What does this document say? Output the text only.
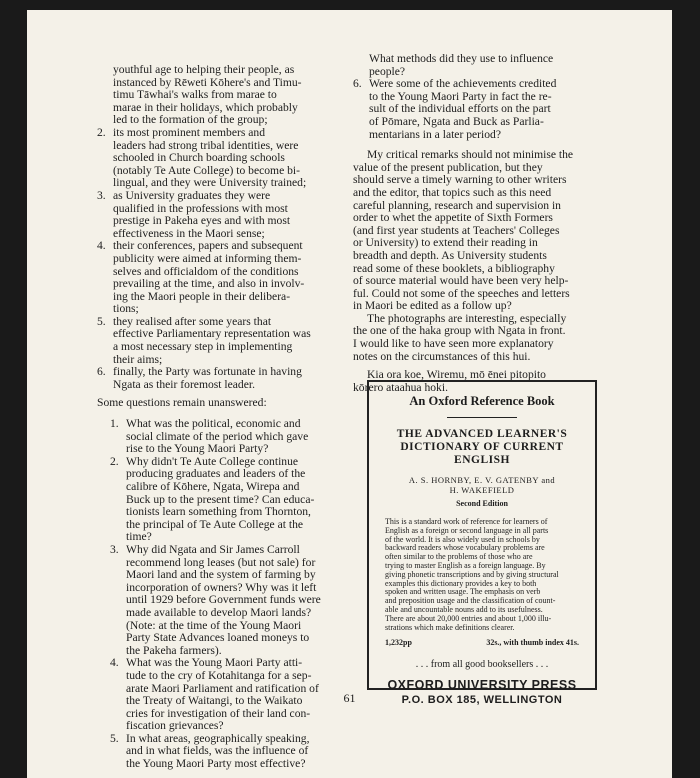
youthful age to helping their people, as
instanced by Rēweti Kōhere's and Timu-
timu Tāwhai's walks from marae to
marae in their holidays, which probably
led to the formation of the group;
2. its most prominent members and
leaders had strong tribal identities, were
schooled in Church boarding schools
(notably Te Aute College) to become bi-
lingual, and they were University trained;
3. as University graduates they were
qualified in the professions with most
prestige in Pakeha eyes and with most
effectiveness in the Maori sense;
4. their conferences, papers and subsequent
publicity were aimed at informing them-
selves and officialdom of the conditions
prevailing at the time, and also in involv-
ing the Maori people in their delibera-
tions;
5. they realised after some years that
effective Parliamentary representation was
a most necessary step in implementing
their aims;
6. finally, the Party was fortunate in having
Ngata as their foremost leader.

Some questions remain unanswered:

1. What was the political, economic and
social climate of the period which gave
rise to the Young Maori Party?
2. Why didn't Te Aute College continue
producing graduates and leaders of the
calibre of Kōhere, Ngata, Wirepa and
Buck up to the present time? Can educa-
tionists learn something from Thornton,
the principal of Te Aute College at the
time?
3. Why did Ngata and Sir James Carroll
recommend long leases (but not sale) for
Maori land and the system of farming by
incorporation of owners? Why was it left
until 1929 before Government funds were
made available to develop Maori lands?
(Note: at the time of the Young Maori
Party State Advances loaned moneys to
the Pakeha farmers).
4. What was the Young Maori Party atti-
tude to the cry of Kotahitanga for a sep-
arate Maori Parliament and ratification of
the Treaty of Waitangi, to the Waikato
cries for investigation of their land con-
fiscation grievances?
5. In what areas, geographically speaking,
and in what fields, was the influence of
the Young Maori Party most effective?
What methods did they use to influence
people?
6. Were some of the achievements credited
to the Young Maori Party in fact the re-
sult of the individual efforts on the part
of Pōmare, Ngata and Buck as Parlia-
mentarians in a later period?

My critical remarks should not minimise the

value of the present publication, but they

should serve a timely warning to other writers

and the editor, that topics such as this need

careful planning, research and supervision in

order to whet the appetite of Sixth Formers

(and first year students at Teachers' Colleges

or University) to extend their reading in

breadth and depth. As University students

read some of these booklets, a bibliography

of source material would have been very help-

ful. Could not some of the speeches and letters

in Maori be edited as a follow up?

The photographs are interesting, especially

the one of the haka group with Ngata in front.

I would like to have seen more explanatory

notes on the circumstances of this hui.

Kia ora koe, Wiremu, mō ēnei pitopito

kōrero ataahua hoki.

An Oxford Reference Book
THE ADVANCED LEARNER'S
DICTIONARY OF CURRENT
ENGLISH
A. S. HORNBY, E. V. GATENBY and
H. WAKEFIELD
Second Edition
This is a standard work of reference for learners of
English as a foreign or second language in all parts
of the world. It is also widely used in schools by
backward readers whose vocabulary problems are
often similar to the problems of those who are
trying to master English as a foreign language. By
giving phonetic transcriptions and by giving structural
examples this dictionary provides a key to both
spoken and written usage. The emphasis on verb
and preposition usage and the classification of count-
able and uncountable nouns add to its usefulness.
There are about 20,000 entries and about 1,000 illu-
strations which make definitions clearer.
1,232pp	32s., with thumb index 41s.
. . . from all good booksellers . . .
OXFORD UNIVERSITY PRESS
P.O. BOX 185, WELLINGTON
61
